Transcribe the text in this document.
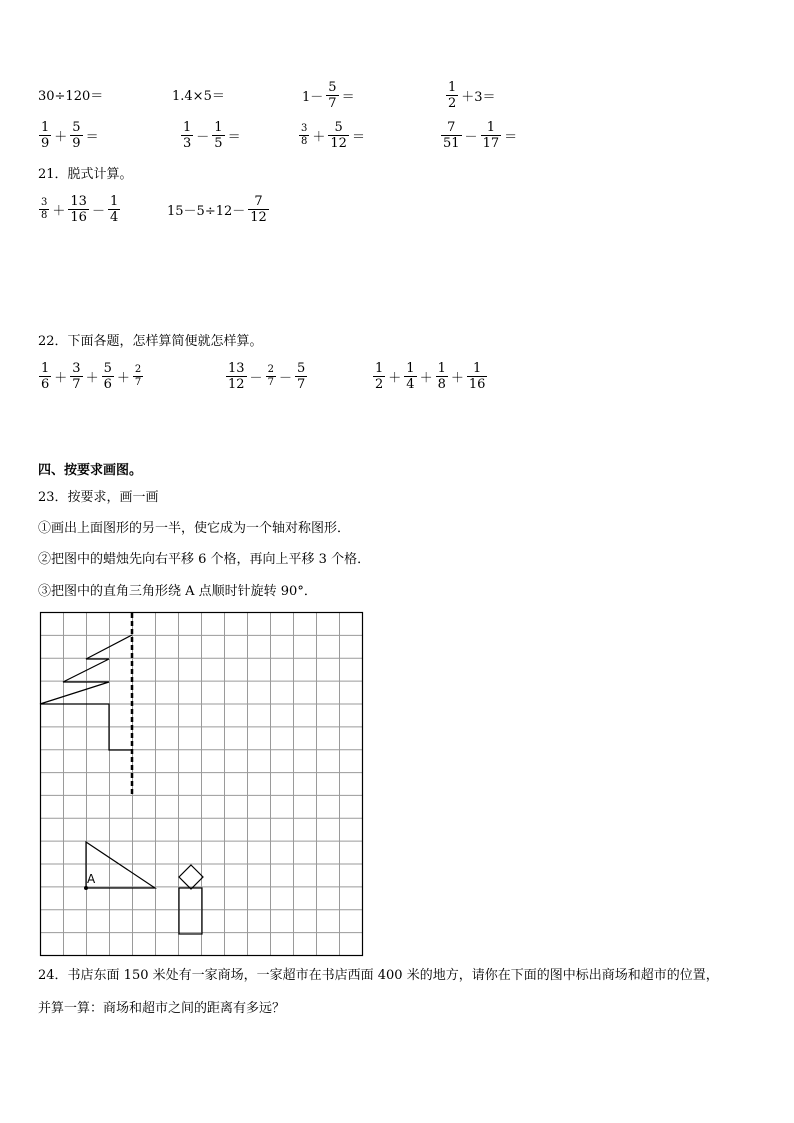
30÷120＝	1.4×5＝	$1- \frac{5}{7}$ ＝	$\frac{1}{2} +3=$
$\frac{1}{9} + \frac{5}{9}$ ＝	$\frac{1}{3} - \frac{1}{5}$ ＝	$\frac{3}{8} + \frac{5}{12}$ ＝	$\frac{7}{51} - \frac{1}{17}$ ＝
21．脱式计算。
$\frac{3}{8} + \frac{13}{16} - \frac{1}{4}$	$15-5\div 12- \frac{7}{12}$
22．下面各题，怎样算简便就怎样算。
$\frac{1}{6} + \frac{3}{7} + \frac{5}{6} + \frac{2}{7}$	$\frac{13}{12} - \frac{2}{7} - \frac{5}{7}$	$\frac{1}{2} + \frac{1}{4} + \frac{1}{8} + \frac{1}{16}$
四、按要求画图。
23．按要求，画一画
①画出上面图形的另一半，使它成为一个轴对称图形．
②把图中的蜡烛先向右平移 6 个格，再向上平移 3 个格．
③把图中的直角三角形绕 A 点顺时针旋转 90°．
A
24．书店东面 150 米处有一家商场，一家超市在书店西面 400 米的地方，请你在下面的图中标出商场和超市的位置，
并算一算：商场和超市之间的距离有多远？
